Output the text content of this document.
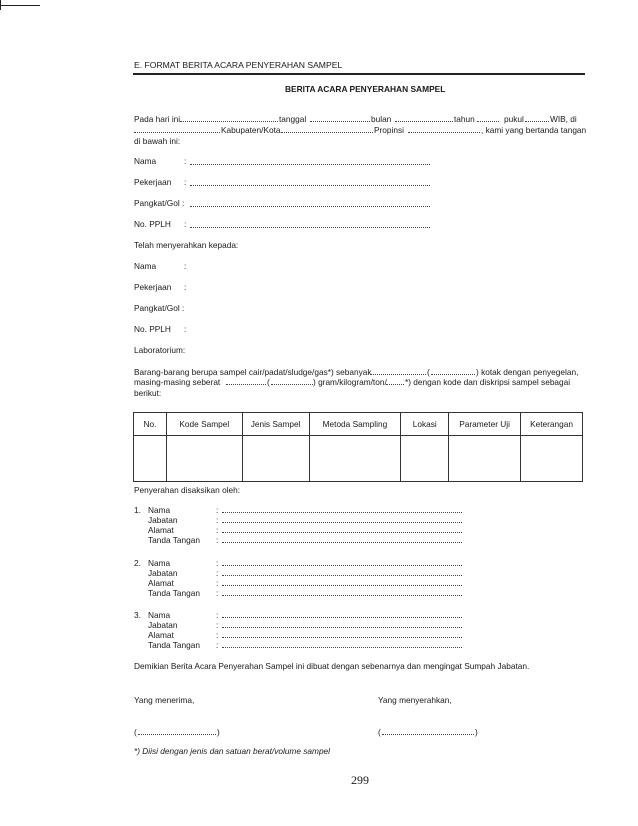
E. FORMAT BERITA ACARA PENYERAHAN SAMPEL
BERITA ACARA PENYERAHAN SAMPEL
Pada hari ini	tanggal	bulan	tahun	pukul	WIB, di
Kabupaten/Kota	Propinsi	, kami yang bertanda tangan
di bawah ini:
Nama	:
Pekerjaan :
Pangkat/Gol :
No. PPLH :
Telah menyerahkan kepada:
Nama	:
Pekerjaan :
Pangkat/Gol :
No. PPLH :
Laboratorium:
Barang-barang berupa sampel cair/padat/sludge/gas*) sebanyak	(	) kotak dengan penyegelan,
masing-masing seberat	(	) gram/kilogram/ton/ *) dengan kode dan diskripsi sampel sebagai
berikut:
No.	Kode Sampel	Jenis Sampel	Metoda Sampling	Lokasi	Parameter Uji	Keterangan

Penyerahan disaksikan oleh:
1. Nama	:
Jabatan	:
Alamat	:
Tanda Tangan :
2. Nama	:
Jabatan	:
Alamat	:
Tanda Tangan :
3. Nama	:
Jabatan	:
Alamat	:
Tanda Tangan :
Demikian Berita Acara Penyerahan Sampel ini dibuat dengan sebenarnya dan mengingat Sumpah Jabatan.
Yang menerima,	Yang menyerahkan,
(	)	(	)
*) Diisi dengan jenis dan satuan berat/volume sampel
299
